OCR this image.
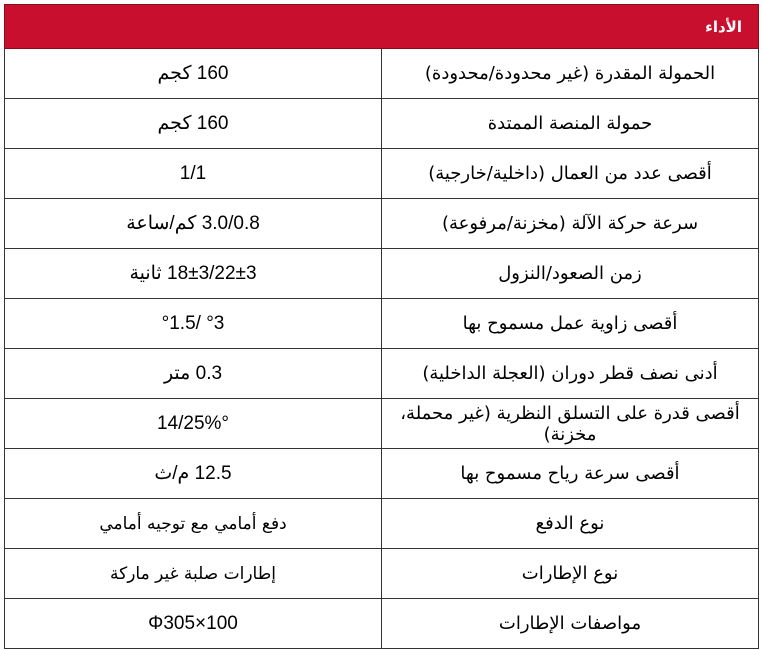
الأداء	
الحمولة المقدرة (غير محدودة/محدودة)	160 كجم
حمولة المنصة الممتدة	160 كجم
أقصى عدد من العمال (داخلية/خارجية)	1/1
سرعة حركة الآلة (مخزنة/مرفوعة)	3.0/0.8 كم/ساعة
زمن الصعود/النزول	18±3/22±3 ثانية
أقصى زاوية عمل مسموح بها	°3 /°1.5
أدنى نصف قطر دوران (العجلة الداخلية)	0.3 متر
أقصى قدرة على التسلق النظرية (غير محملة، مخزنة)	14/25%°
أقصى سرعة رياح مسموح بها	12.5 م/ث
نوع الدفع	دفع أمامي مع توجيه أمامي
نوع الإطارات	إطارات صلبة غير ماركة
مواصفات الإطارات	Φ305×100
